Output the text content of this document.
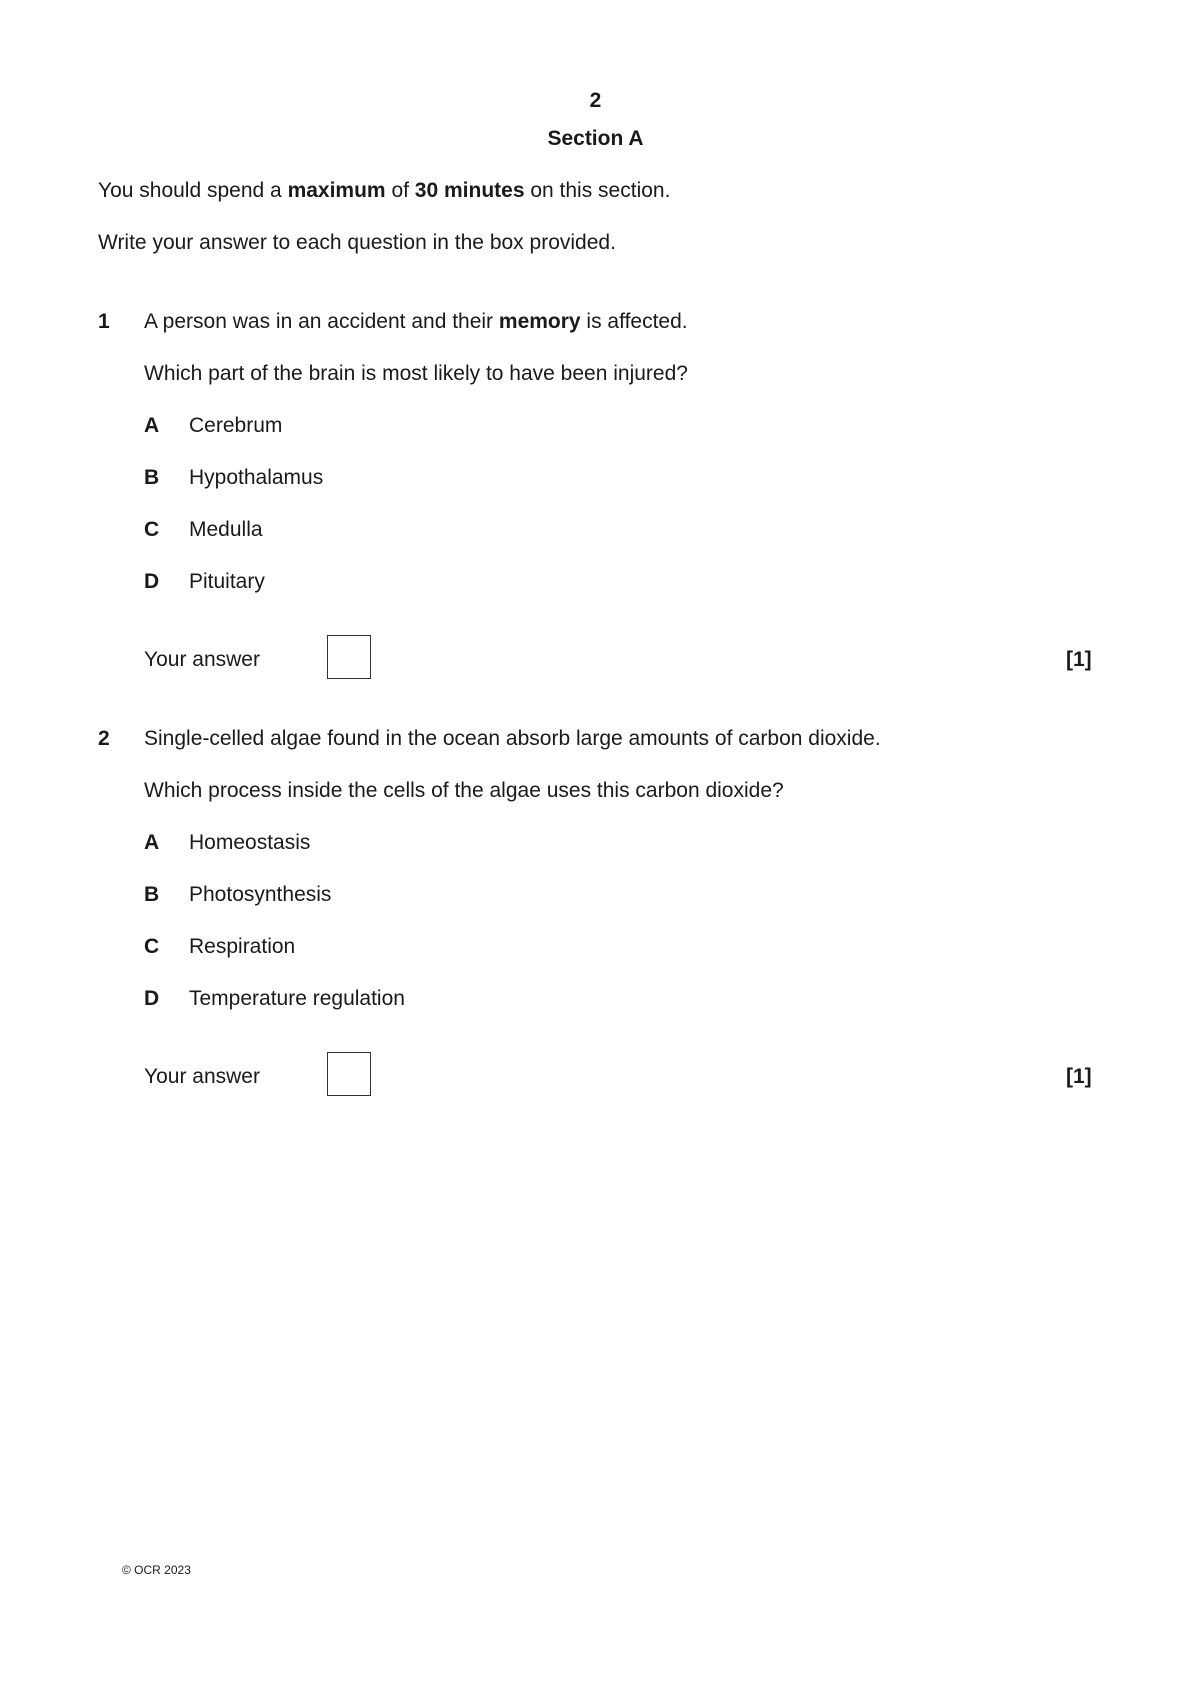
2
Section A
You should spend a maximum of 30 minutes on this section.
Write your answer to each question in the box provided.
1 A person was in an accident and their memory is affected.
Which part of the brain is most likely to have been injured?
A Cerebrum
B Hypothalamus
C Medulla
D Pituitary
Your answer	[1]
2 Single-celled algae found in the ocean absorb large amounts of carbon dioxide.
Which process inside the cells of the algae uses this carbon dioxide?
A Homeostasis
B Photosynthesis
C Respiration
D Temperature regulation
Your answer	[1]
© OCR 2023
